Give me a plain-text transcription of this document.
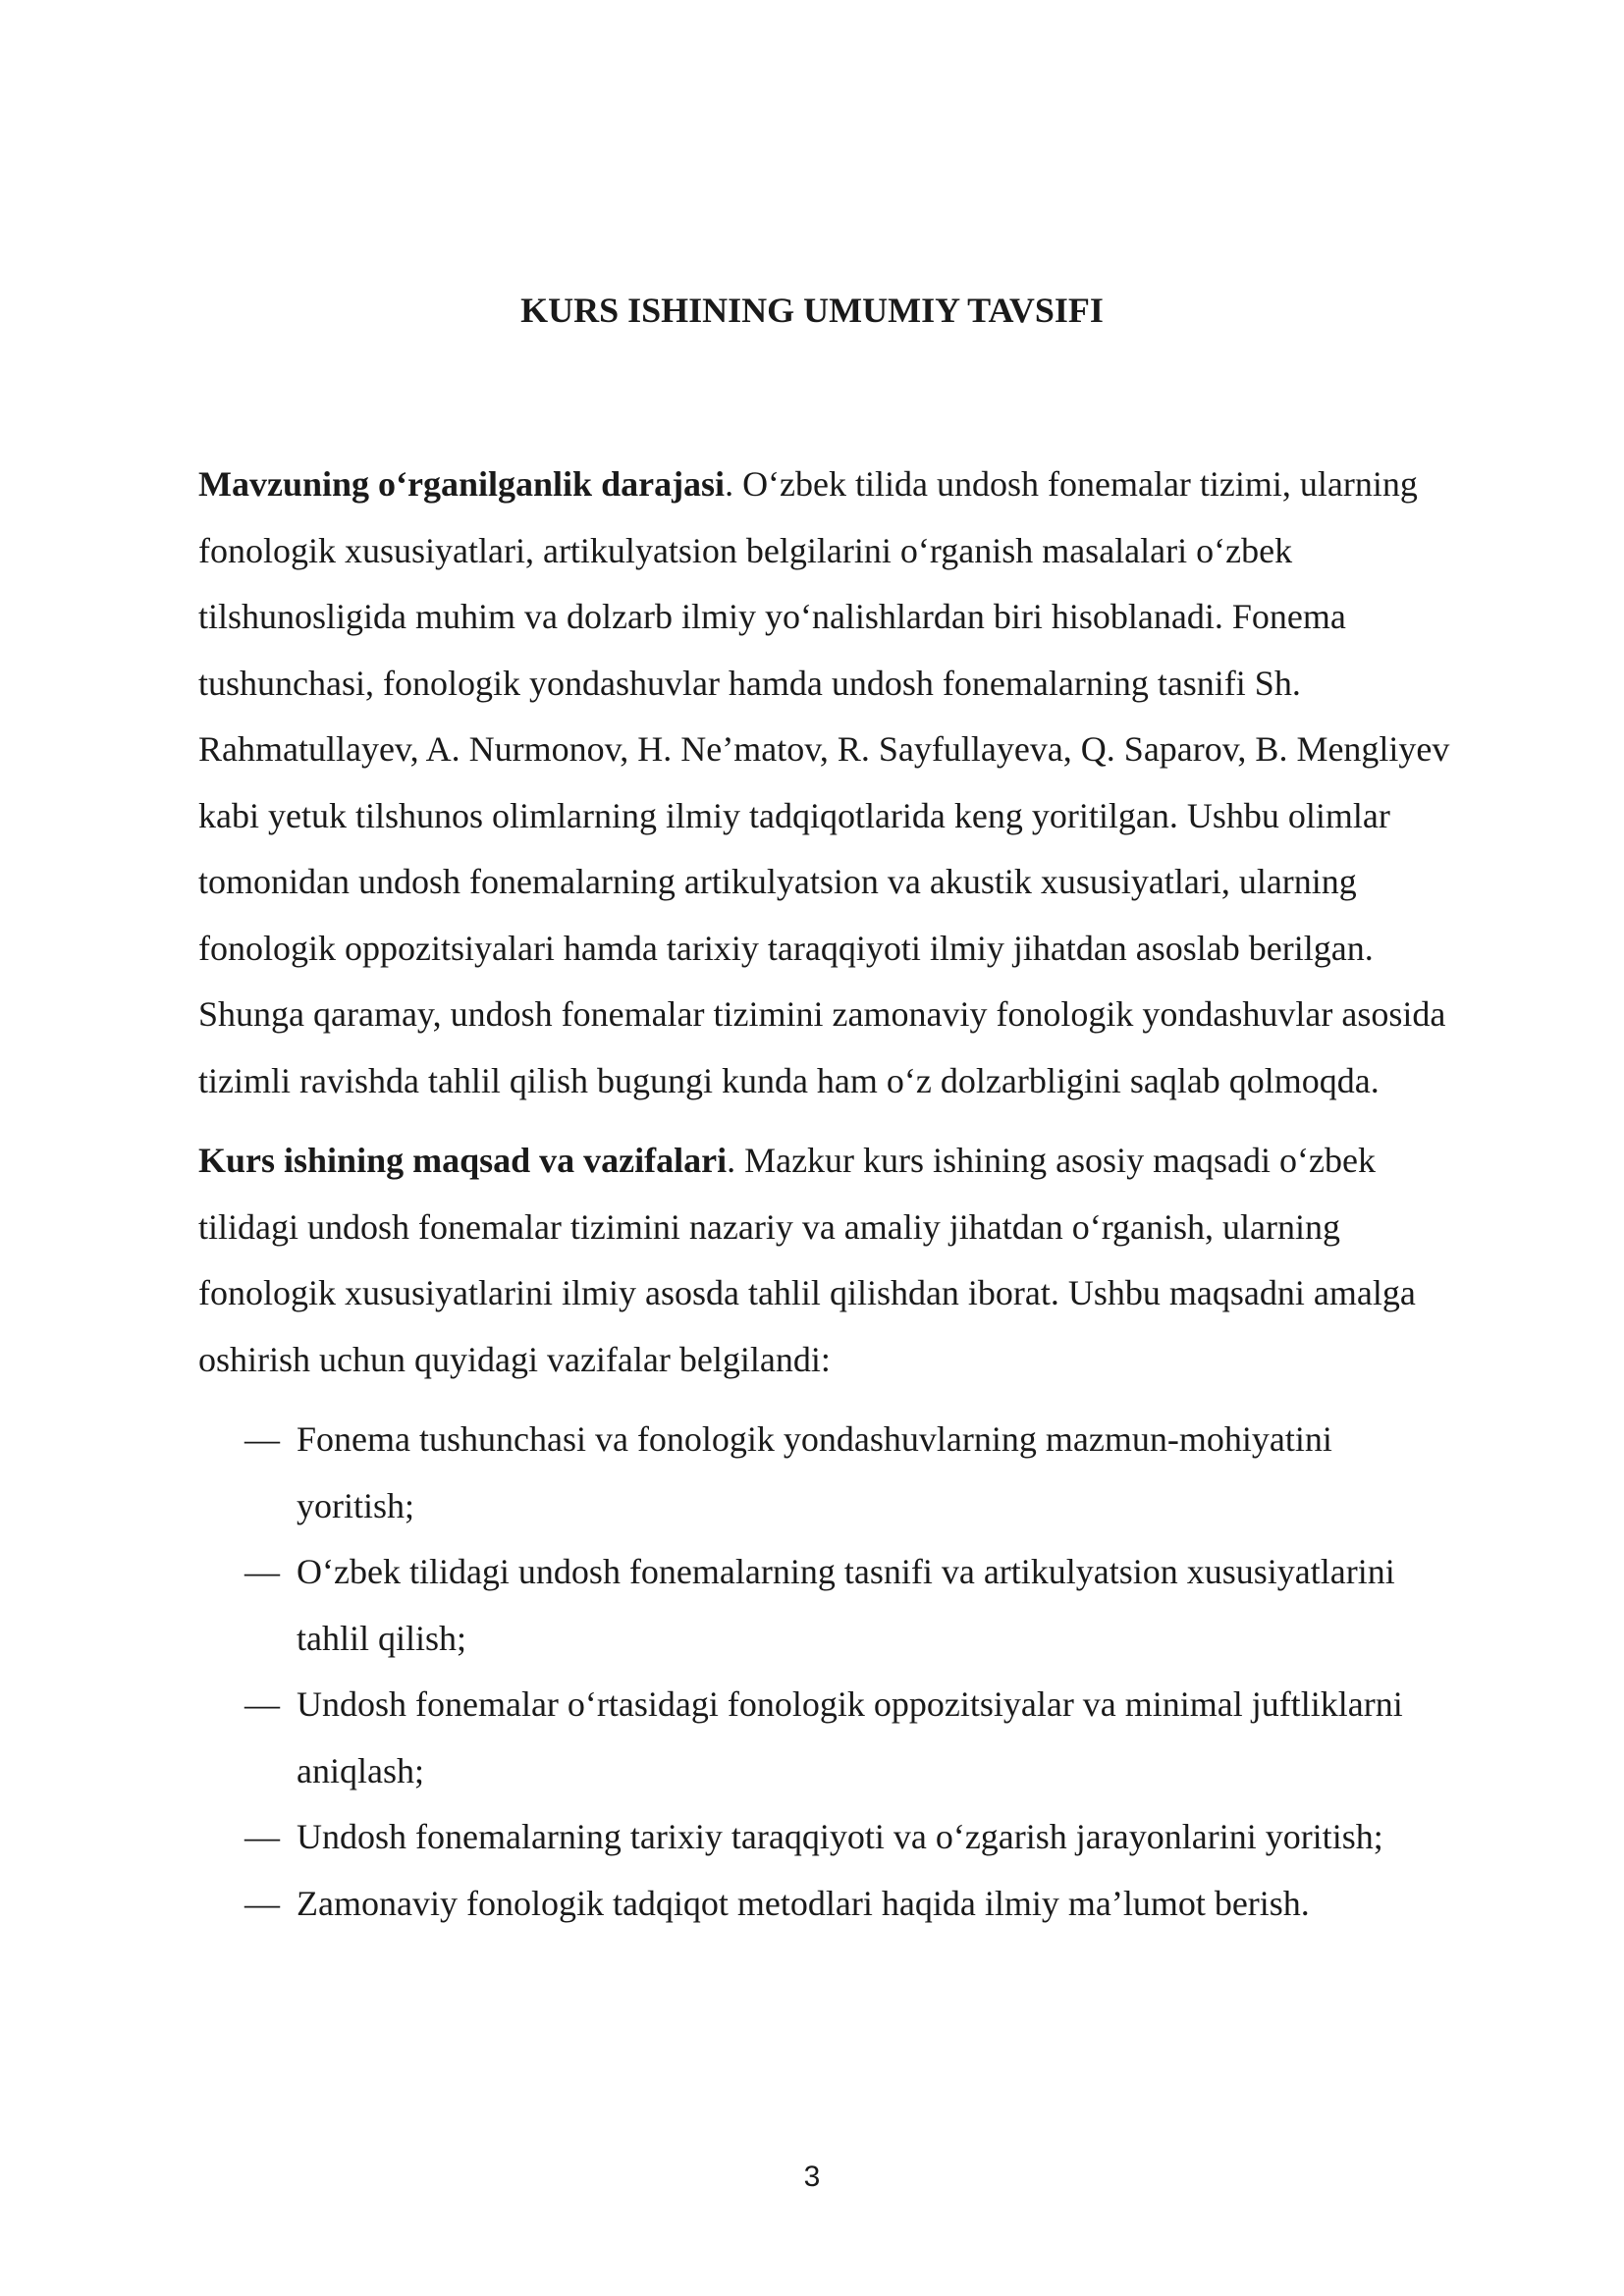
KURS ISHINING UMUMIY TAVSIFI

Mavzuning o‘rganilganlik darajasi. O‘zbek tilida undosh fonemalar tizimi, ularning fonologik xususiyatlari, artikulyatsion belgilarini o‘rganish masalalari o‘zbek tilshunosligida muhim va dolzarb ilmiy yo‘nalishlardan biri hisoblanadi. Fonema tushunchasi, fonologik yondashuvlar hamda undosh fonemalarning tasnifi Sh. Rahmatullayev, A. Nurmonov, H. Ne’matov, R. Sayfullayeva, Q. Saparov, B. Mengliyev kabi yetuk tilshunos olimlarning ilmiy tadqiqotlarida keng yoritilgan. Ushbu olimlar tomonidan undosh fonemalarning artikulyatsion va akustik xususiyatlari, ularning fonologik oppozitsiyalari hamda tarixiy taraqqiyoti ilmiy jihatdan asoslab berilgan. Shunga qaramay, undosh fonemalar tizimini zamonaviy fonologik yondashuvlar asosida tizimli ravishda tahlil qilish bugungi kunda ham o‘z dolzarbligini saqlab qolmoqda.

Kurs ishining maqsad va vazifalari. Mazkur kurs ishining asosiy maqsadi o‘zbek tilidagi undosh fonemalar tizimini nazariy va amaliy jihatdan o‘rganish, ularning fonologik xususiyatlarini ilmiy asosda tahlil qilishdan iborat. Ushbu maqsadni amalga oshirish uchun quyidagi vazifalar belgilandi:

— Fonema tushunchasi va fonologik yondashuvlarning mazmun-mohiyatini yoritish;
— O‘zbek tilidagi undosh fonemalarning tasnifi va artikulyatsion xususiyatlarini tahlil qilish;
— Undosh fonemalar o‘rtasidagi fonologik oppozitsiyalar va minimal juftliklarni aniqlash;
— Undosh fonemalarning tarixiy taraqqiyoti va o‘zgarish jarayonlarini yoritish;
— Zamonaviy fonologik tadqiqot metodlari haqida ilmiy ma’lumot berish.
3
